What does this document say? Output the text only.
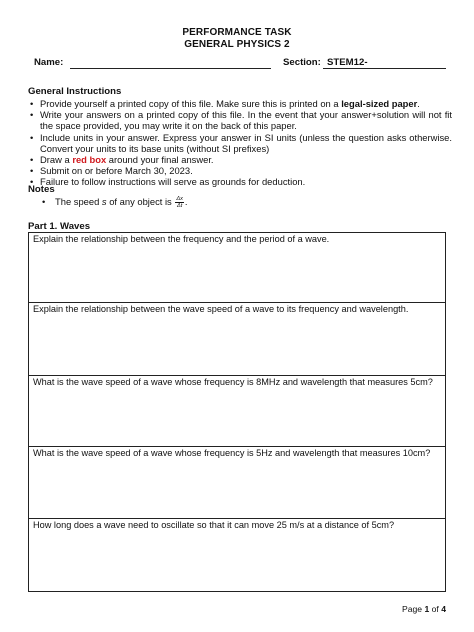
PERFORMANCE TASK
GENERAL PHYSICS 2
Name:	Section: STEM12-
General Instructions
• Provide yourself a printed copy of this file. Make sure this is printed on a legal-sized paper.
• Write your answers on a printed copy of this file. In the event that your answer+solution will not fit the space provided, you may write it on the back of this paper.
• Include units in your answer. Express your answer in SI units (unless the question asks otherwise. Convert your units to its base units (without SI prefixes)
• Draw a red box around your final answer.
• Submit on or before March 30, 2023.
• Failure to follow instructions will serve as grounds for deduction.
Notes
• The speed s of any object is $\frac{\Delta x}{\Delta t}$ .
Part 1. Waves
Explain the relationship between the frequency and the period of a wave.
Explain the relationship between the wave speed of a wave to its frequency and wavelength.
What is the wave speed of a wave whose frequency is 8MHz and wavelength that measures 5cm?
What is the wave speed of a wave whose frequency is 5Hz and wavelength that measures 10cm?
How long does a wave need to oscillate so that it can move 25 m/s at a distance of 5cm?
Page 1 of 4
